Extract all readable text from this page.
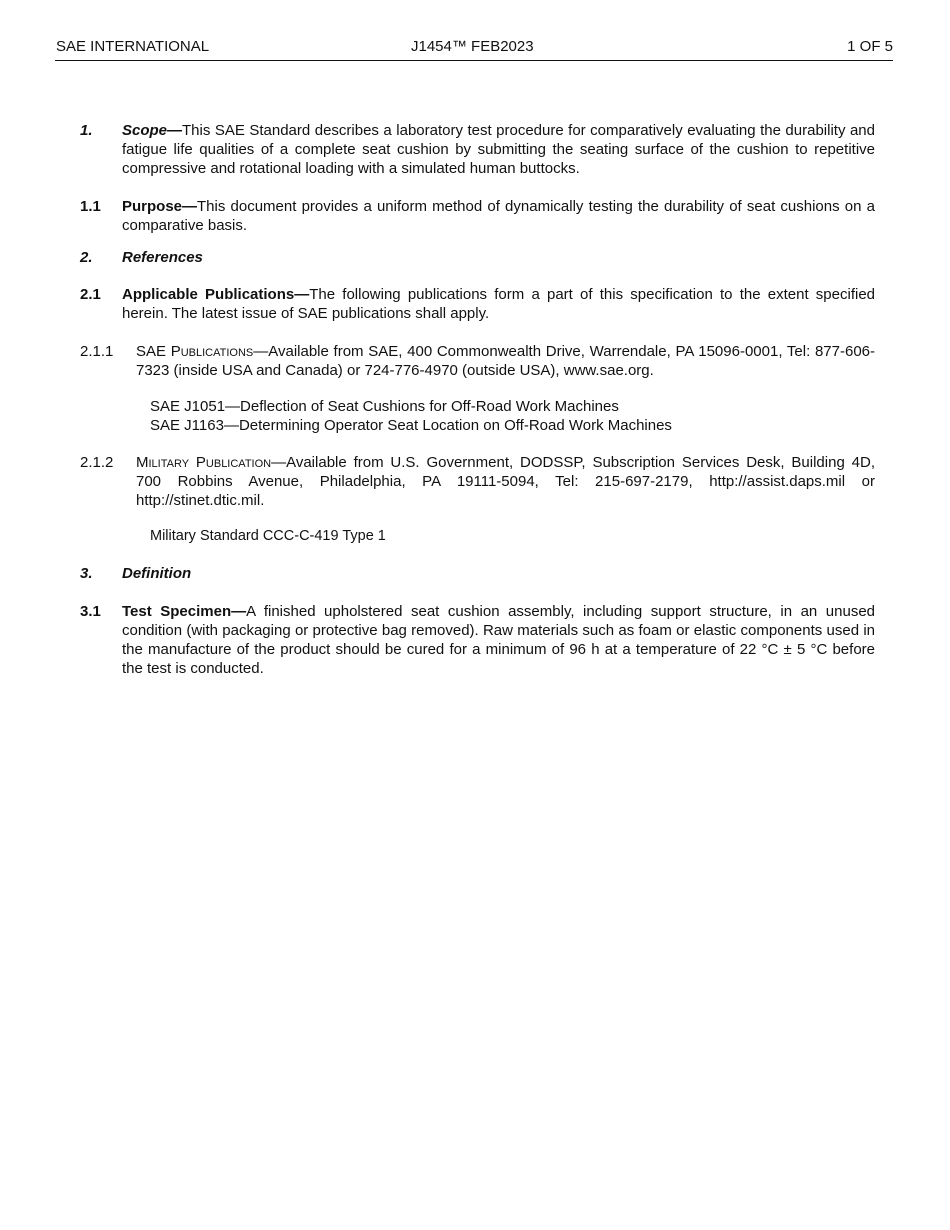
SAE INTERNATIONAL	J1454™ FEB2023	1 OF 5
1. Scope—This SAE Standard describes a laboratory test procedure for comparatively evaluating the durability and fatigue life qualities of a complete seat cushion by submitting the seating surface of the cushion to repetitive compressive and rotational loading with a simulated human buttocks.
1.1 Purpose—This document provides a uniform method of dynamically testing the durability of seat cushions on a comparative basis.
2. References
2.1 Applicable Publications—The following publications form a part of this specification to the extent specified herein. The latest issue of SAE publications shall apply.
2.1.1 SAE Publications—Available from SAE, 400 Commonwealth Drive, Warrendale, PA 15096-0001, Tel: 877-606-7323 (inside USA and Canada) or 724-776-4970 (outside USA), www.sae.org.
SAE J1051—Deflection of Seat Cushions for Off-Road Work Machines
SAE J1163—Determining Operator Seat Location on Off-Road Work Machines
2.1.2 Military Publication—Available from U.S. Government, DODSSP, Subscription Services Desk, Building 4D, 700 Robbins Avenue, Philadelphia, PA 19111-5094, Tel: 215-697-2179, http://assist.daps.mil or http://stinet.dtic.mil.
Military Standard CCC-C-419 Type 1
3. Definition
3.1 Test Specimen—A finished upholstered seat cushion assembly, including support structure, in an unused condition (with packaging or protective bag removed). Raw materials such as foam or elastic components used in the manufacture of the product should be cured for a minimum of 96 h at a temperature of 22 °C ± 5 °C before the test is conducted.
